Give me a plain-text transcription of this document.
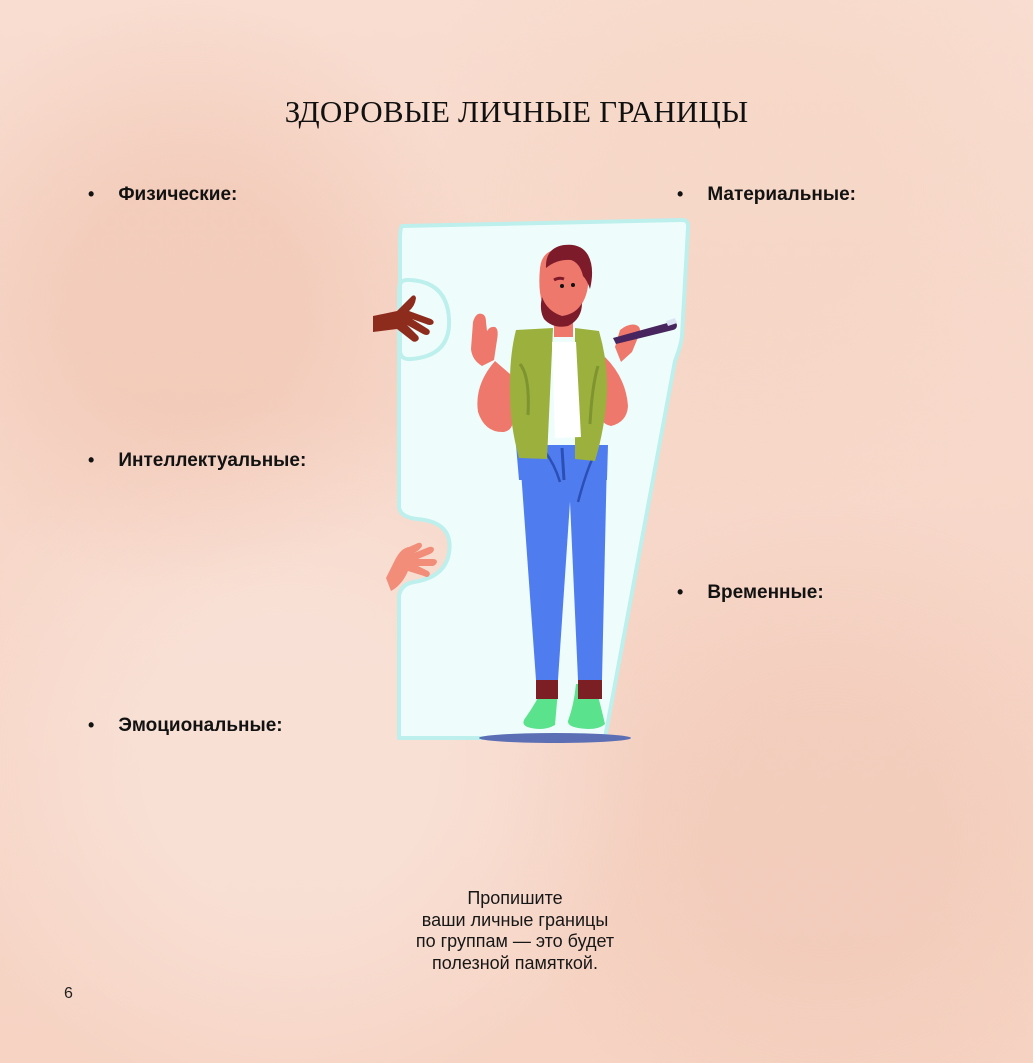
ЗДОРОВЫЕ ЛИЧНЫЕ ГРАНИЦЫ
• Физические:
• Интеллектуальные:
• Эмоциональные:
• Материальные:
• Временные:
Пропишите
ваши личные границы
по группам — это будет
полезной памяткой.
6
